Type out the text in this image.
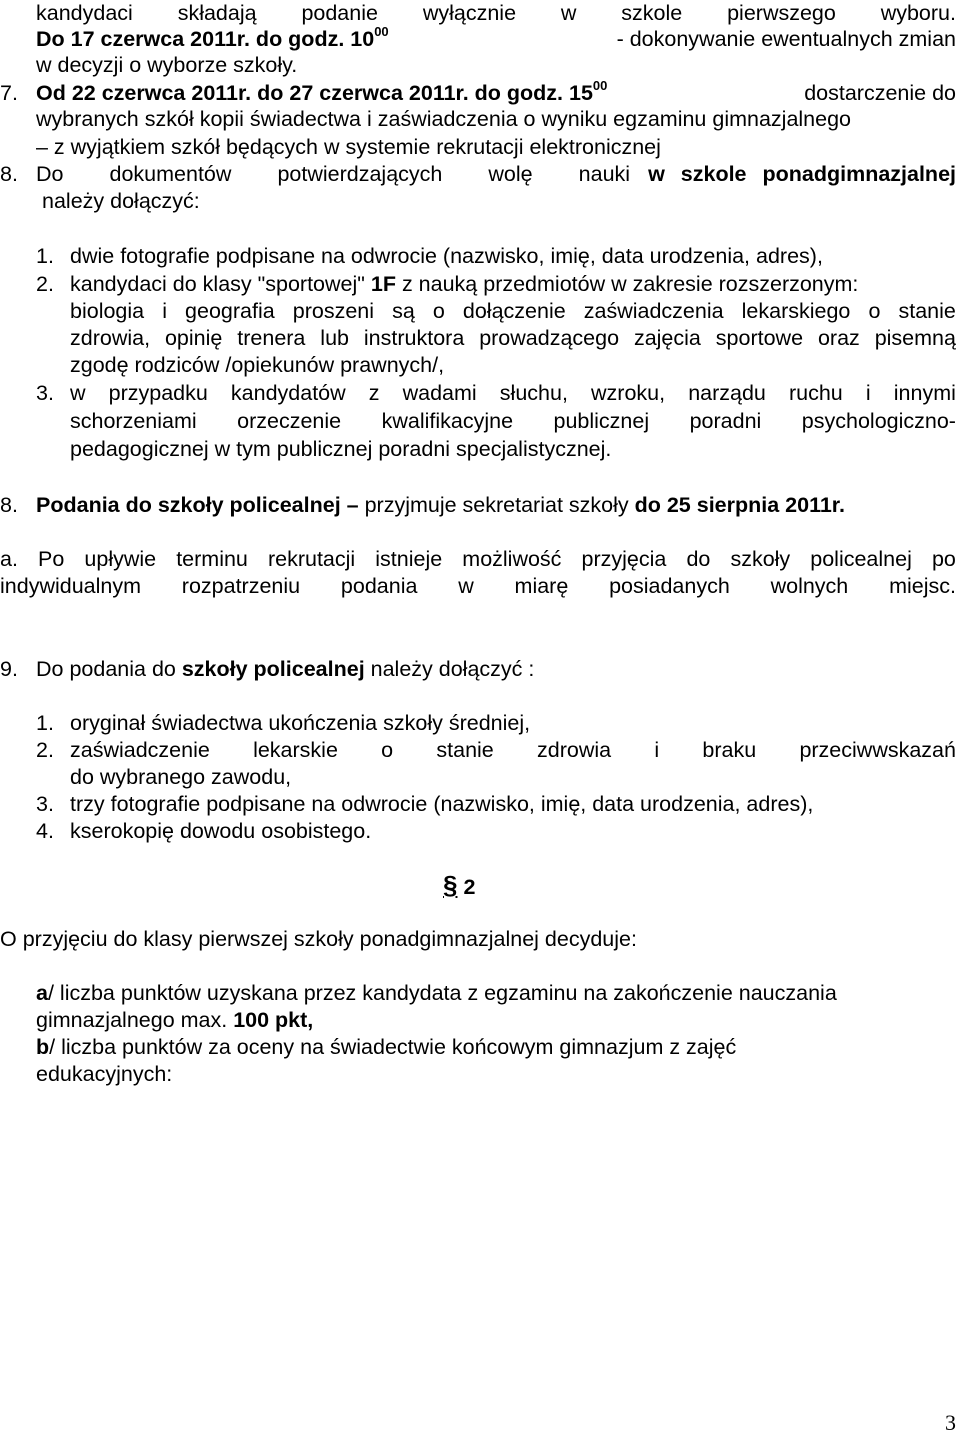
kandydaci składają podanie wyłącznie w szkole pierwszego wyboru.
Do 17 czerwca 2011r. do godz. $10^{00}$	- dokonywanie ewentualnych zmian
w decyzji o wyborze szkoły.
7. Od 22 czerwca 2011r. do 27 czerwca 2011r. do godz. $15^{00}$	dostarczenie do
wybranych szkół kopii świadectwa i zaświadczenia o wyniku egzaminu gimnazjalnego
– z wyjątkiem szkół będących w systemie rekrutacji elektronicznej
8. Do dokumentów potwierdzających wolę nauki w szkole ponadgimnazjalnej
należy dołączyć:
1. dwie fotografie podpisane na odwrocie (nazwisko, imię, data urodzenia, adres),
2. kandydaci do klasy "sportowej" 1F z nauką przedmiotów w zakresie rozszerzonym:
biologia i geografia proszeni są o dołączenie zaświadczenia lekarskiego o stanie
zdrowia, opinię trenera lub instruktora prowadzącego zajęcia sportowe oraz pisemną
zgodę rodziców /opiekunów prawnych/,
3. w przypadku kandydatów z wadami słuchu, wzroku, narządu ruchu i innymi
schorzeniami orzeczenie kwalifikacyjne publicznej poradni psychologiczno-
pedagogicznej w tym publicznej poradni specjalistycznej.
8. Podania do szkoły policealnej – przyjmuje sekretariat szkoły do 25 sierpnia 2011r.
a. Po upływie terminu rekrutacji istnieje możliwość przyjęcia do szkoły policealnej po
indywidualnym rozpatrzeniu podania w miarę posiadanych wolnych miejsc.
9. Do podania do szkoły policealnej należy dołączyć :
1. oryginał świadectwa ukończenia szkoły średniej,
2. zaświadczenie lekarskie o stanie zdrowia i braku przeciwwskazań
do wybranego zawodu,
3. trzy fotografie podpisane na odwrocie (nazwisko, imię, data urodzenia, adres),
4. kserokopię dowodu osobistego.
§ 2
O przyjęciu do klasy pierwszej szkoły ponadgimnazjalnej decyduje:
a/ liczba punktów uzyskana przez kandydata z egzaminu na zakończenie nauczania
gimnazjalnego max. 100 pkt,
b/ liczba punktów za oceny na świadectwie końcowym gimnazjum z zajęć
edukacyjnych:
3
